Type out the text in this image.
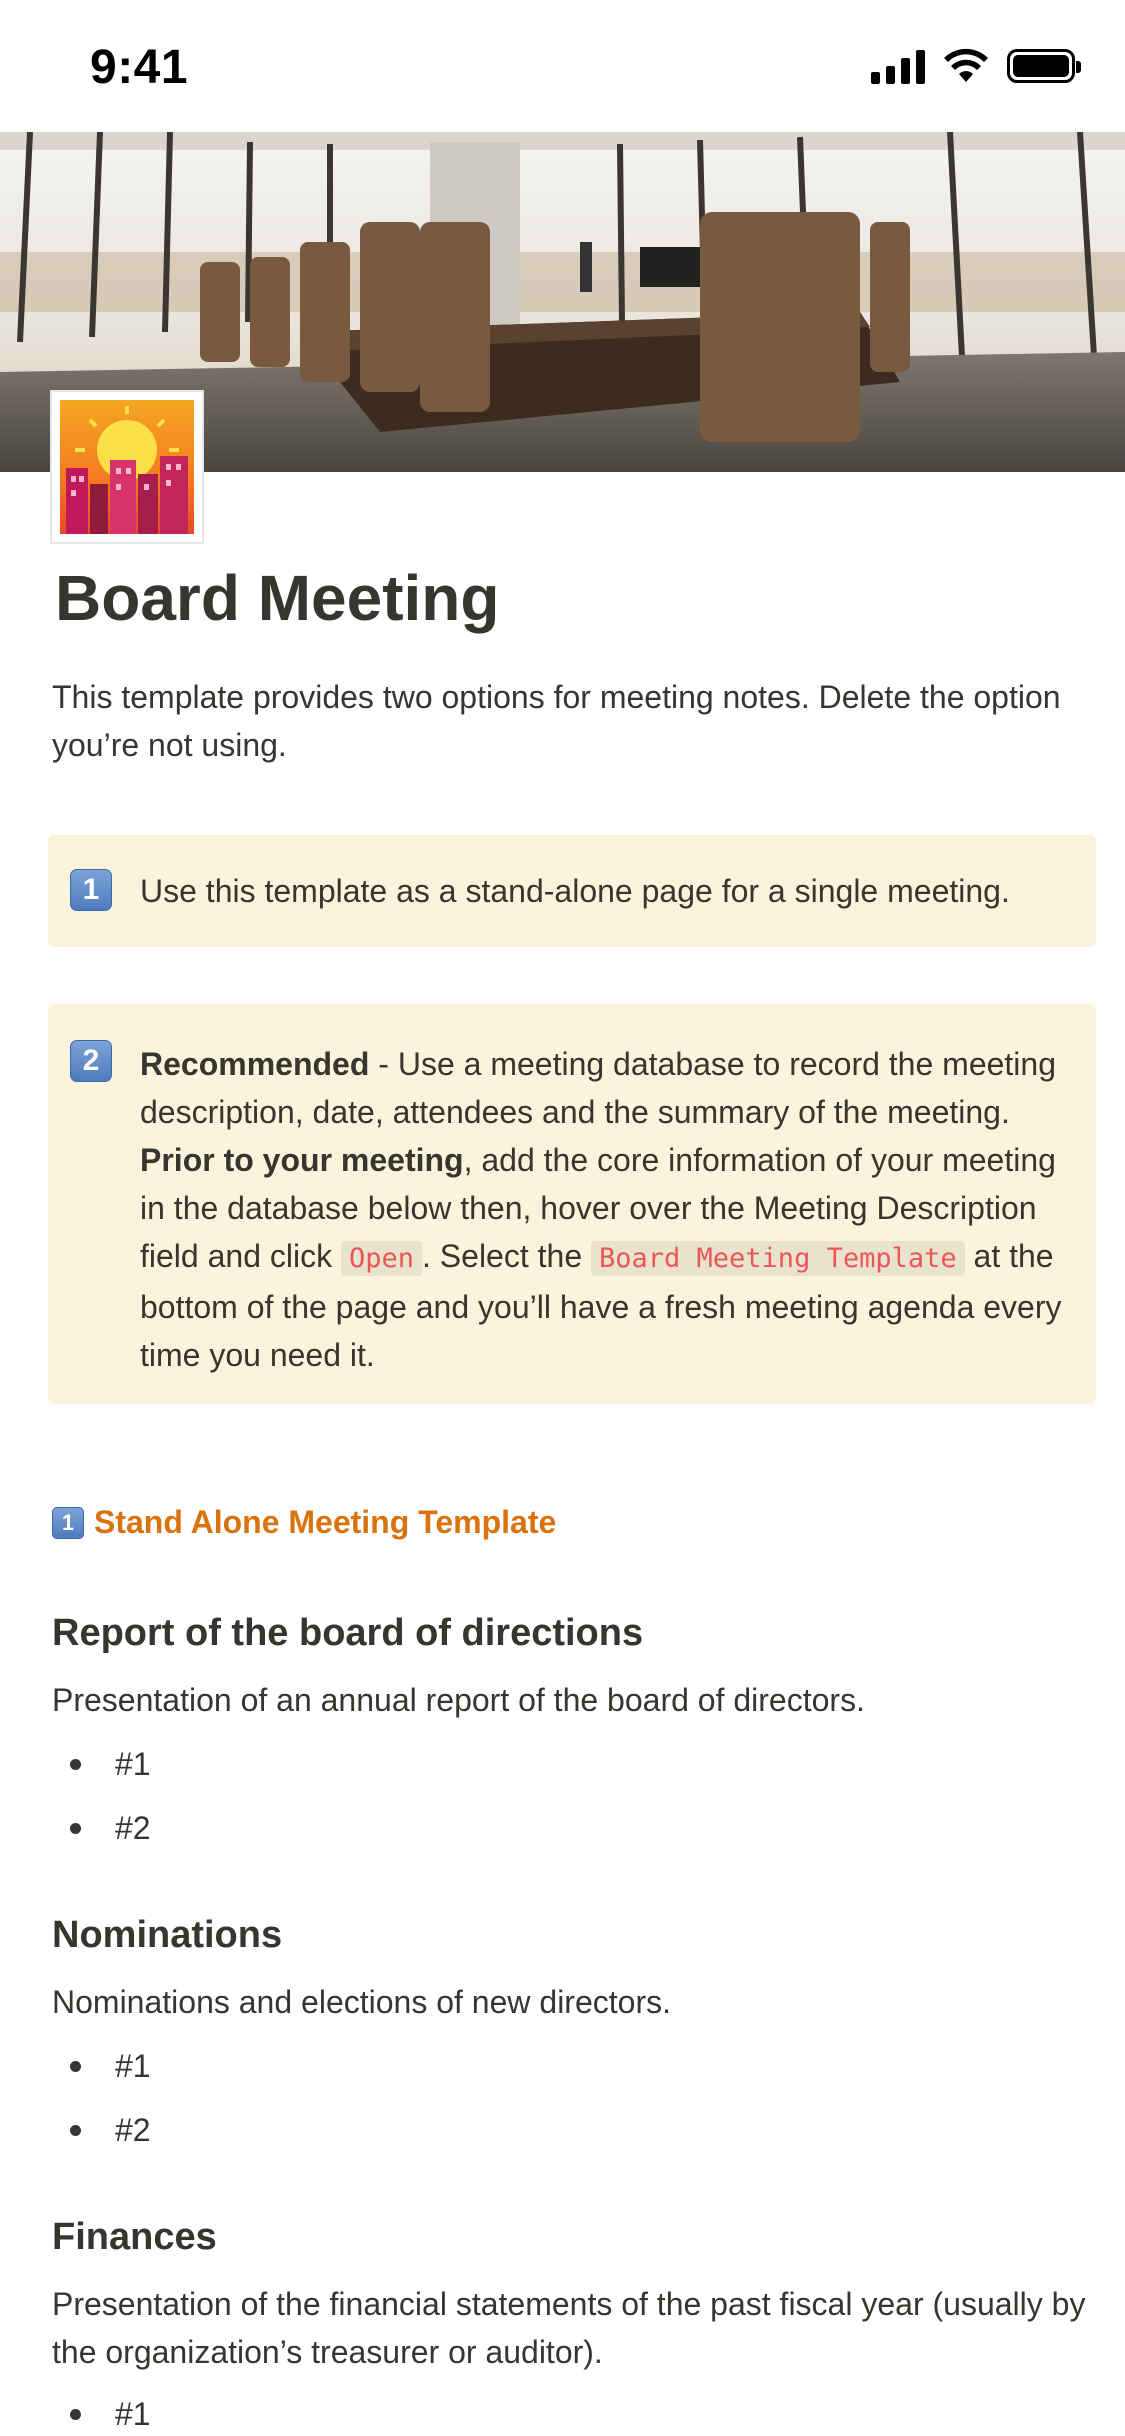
9:41
Board Meeting
This template provides two options for meeting notes. Delete the option you’re not using.
1	Use this template as a stand-alone page for a single meeting.
2	Recommended - Use a meeting database to record the meeting description, date, attendees and the summary of the meeting. Prior to your meeting, add the core information of your meeting in the database below then, hover over the Meeting Description field and click Open . Select the Board Meeting Template at the bottom of the page and you’ll have a fresh meeting agenda every time you need it.
1 Stand Alone Meeting Template
Report of the board of directions
Presentation of an annual report of the board of directors.
#1
#2
Nominations
Nominations and elections of new directors.
#1
#2
Finances
Presentation of the financial statements of the past fiscal year (usually by the organization’s treasurer or auditor).
#1
